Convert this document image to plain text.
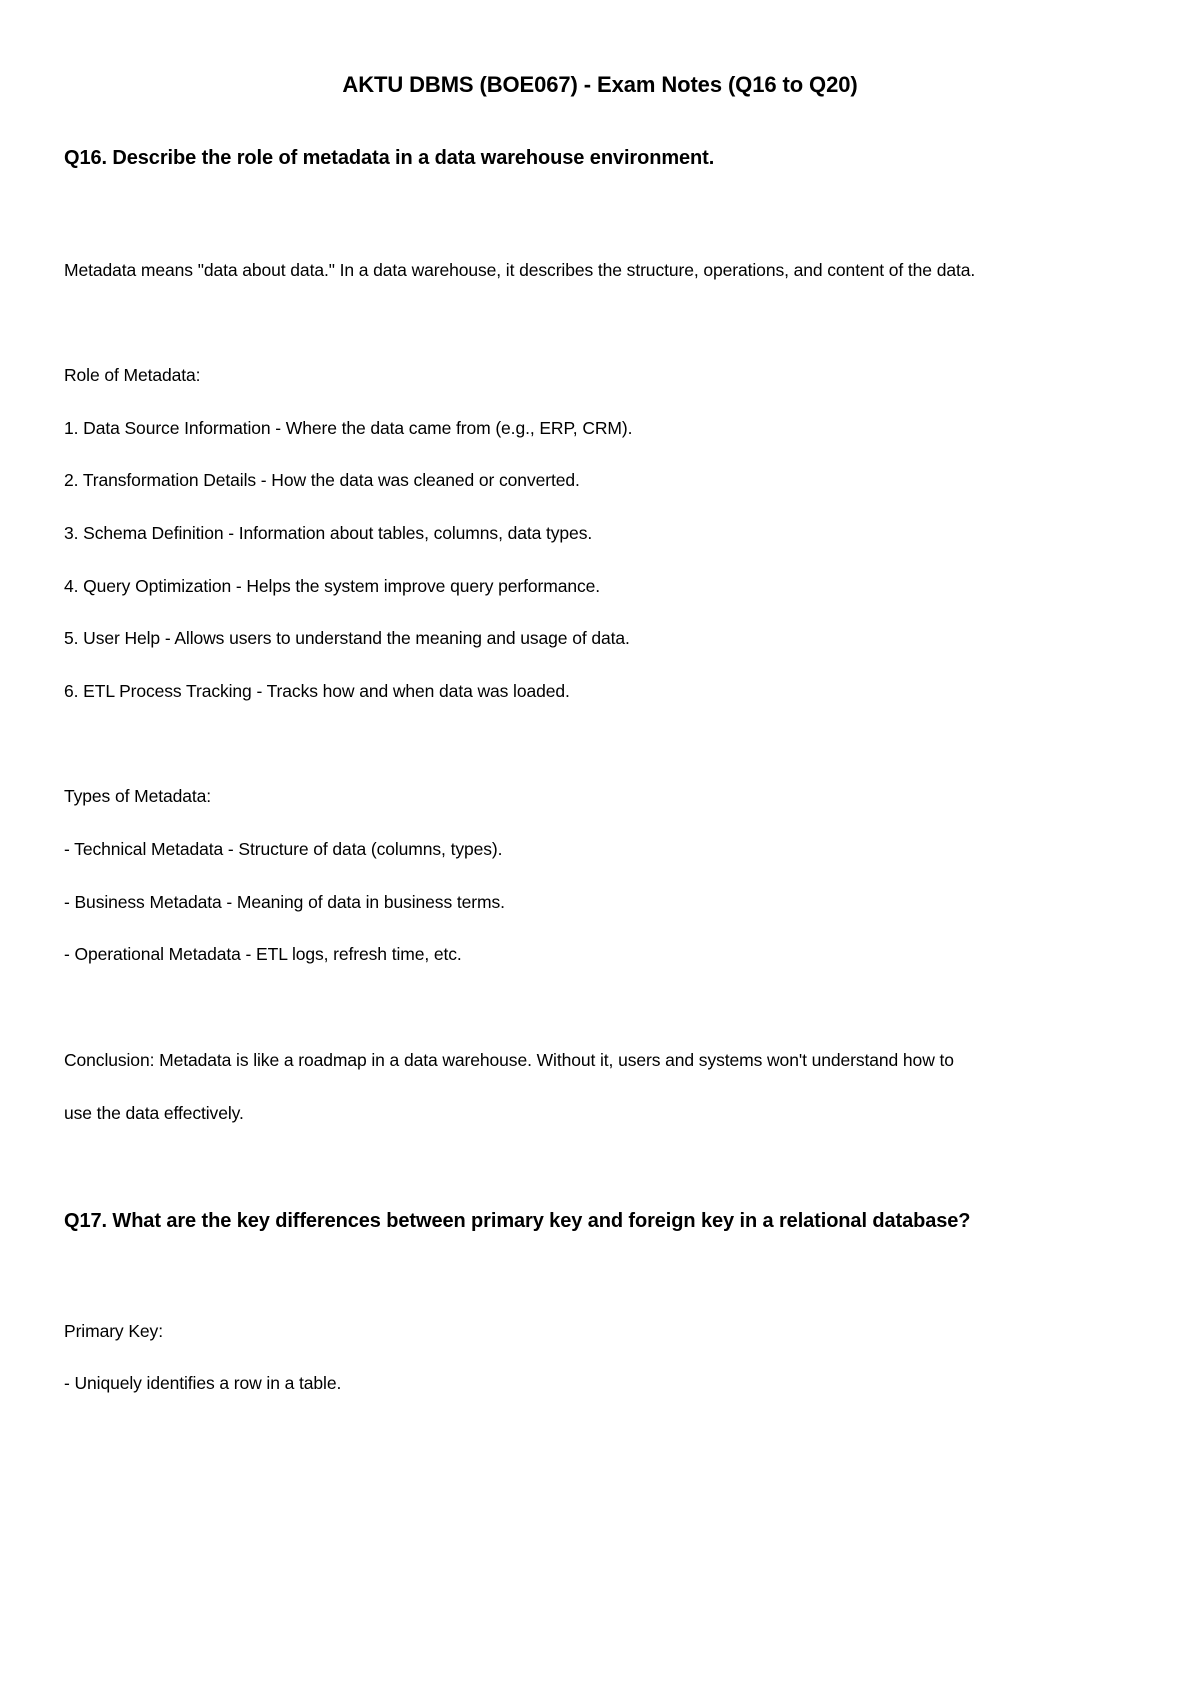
AKTU DBMS (BOE067) - Exam Notes (Q16 to Q20)
Q16. Describe the role of metadata in a data warehouse environment.
Metadata means "data about data." In a data warehouse, it describes the structure, operations, and content of the data.
Role of Metadata:
1. Data Source Information - Where the data came from (e.g., ERP, CRM).
2. Transformation Details - How the data was cleaned or converted.
3. Schema Definition - Information about tables, columns, data types.
4. Query Optimization - Helps the system improve query performance.
5. User Help - Allows users to understand the meaning and usage of data.
6. ETL Process Tracking - Tracks how and when data was loaded.
Types of Metadata:
- Technical Metadata - Structure of data (columns, types).
- Business Metadata - Meaning of data in business terms.
- Operational Metadata - ETL logs, refresh time, etc.
Conclusion: Metadata is like a roadmap in a data warehouse. Without it, users and systems won't understand how to
use the data effectively.
Q17. What are the key differences between primary key and foreign key in a relational database?
Primary Key:
- Uniquely identifies a row in a table.
